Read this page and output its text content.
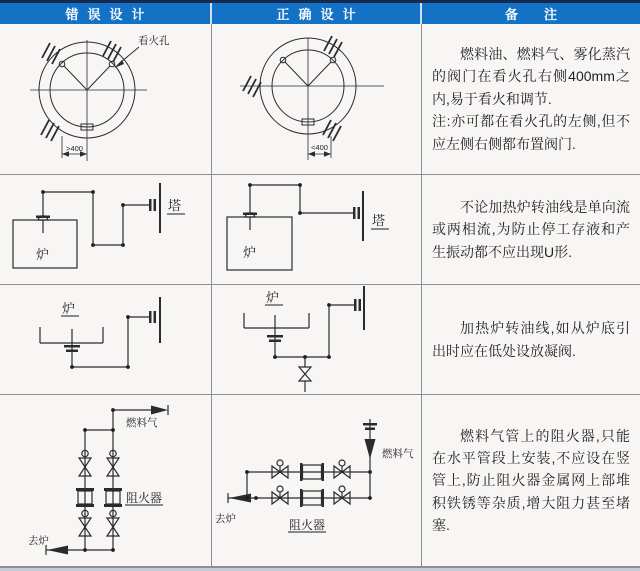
错误设计	正确设计	备注
看火孔
>400	<400

燃料油、燃料气、雾化蒸汽的阀门在看火孔右侧400mm之内,易于看火和调节.

注:亦可都在看火孔的左侧,但不应左侧右侧都布置阀门.

炉
塔
炉
塔

不论加热炉转油线是单向流或两相流,为防止停工存液和产生振动都不应出现U形.

炉
炉

加热炉转油线,如从炉底引出时应在低处设放凝阀.

燃料气
去炉
阻火器
燃料气
去炉	阻火器

燃料气管上的阻火器,只能在水平管段上安装,不应设在竖管上,防止阻火器金属网上部堆积铁锈等杂质,增大阻力甚至堵塞.
